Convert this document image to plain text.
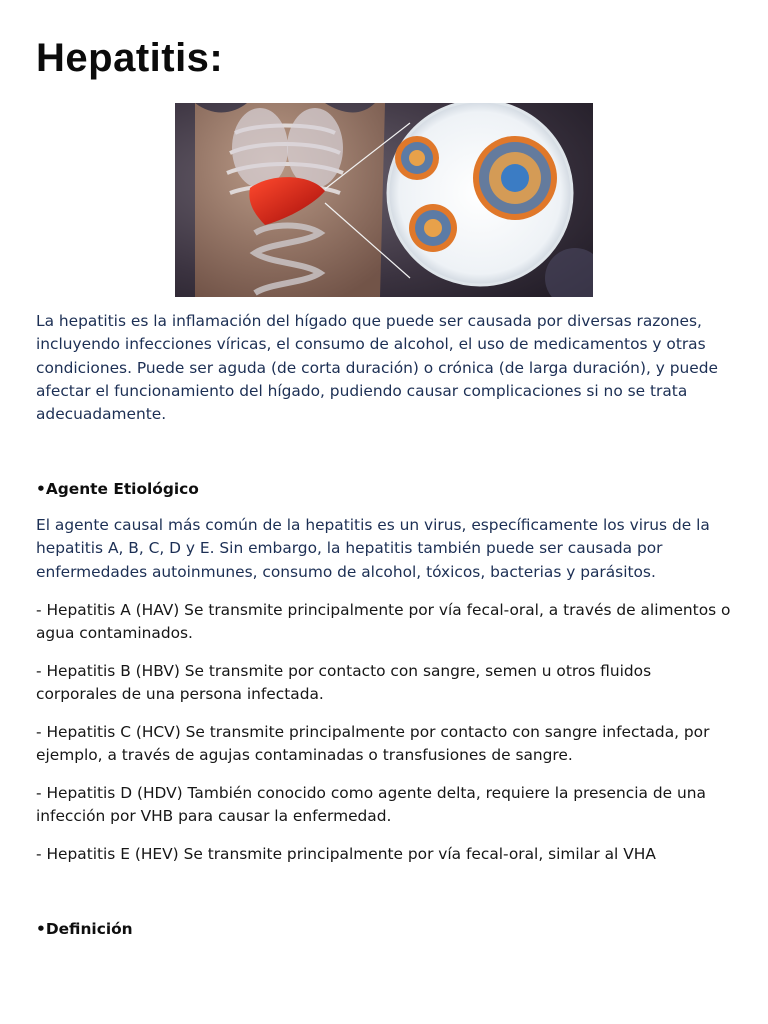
Hepatitis:

La hepatitis es la inflamación del hígado que puede ser causada por diversas razones, incluyendo infecciones víricas, el consumo de alcohol, el uso de medicamentos y otras condiciones. Puede ser aguda (de corta duración) o crónica (de larga duración), y puede afectar el funcionamiento del hígado, pudiendo causar complicaciones si no se trata adecuadamente.

•Agente Etiológico

El agente causal más común de la hepatitis es un virus, específicamente los virus de la hepatitis A, B, C, D y E. Sin embargo, la hepatitis también puede ser causada por enfermedades autoinmunes, consumo de alcohol, tóxicos, bacterias y parásitos.

- Hepatitis A (HAV) Se transmite principalmente por vía fecal-oral, a través de alimentos o agua contaminados.

- Hepatitis B (HBV) Se transmite por contacto con sangre, semen u otros fluidos corporales de una persona infectada.

- Hepatitis C (HCV) Se transmite principalmente por contacto con sangre infectada, por ejemplo, a través de agujas contaminadas o transfusiones de sangre.

- Hepatitis D (HDV) También conocido como agente delta, requiere la presencia de una infección por VHB para causar la enfermedad.

- Hepatitis E (HEV) Se transmite principalmente por vía fecal-oral, similar al VHA

•Definición
